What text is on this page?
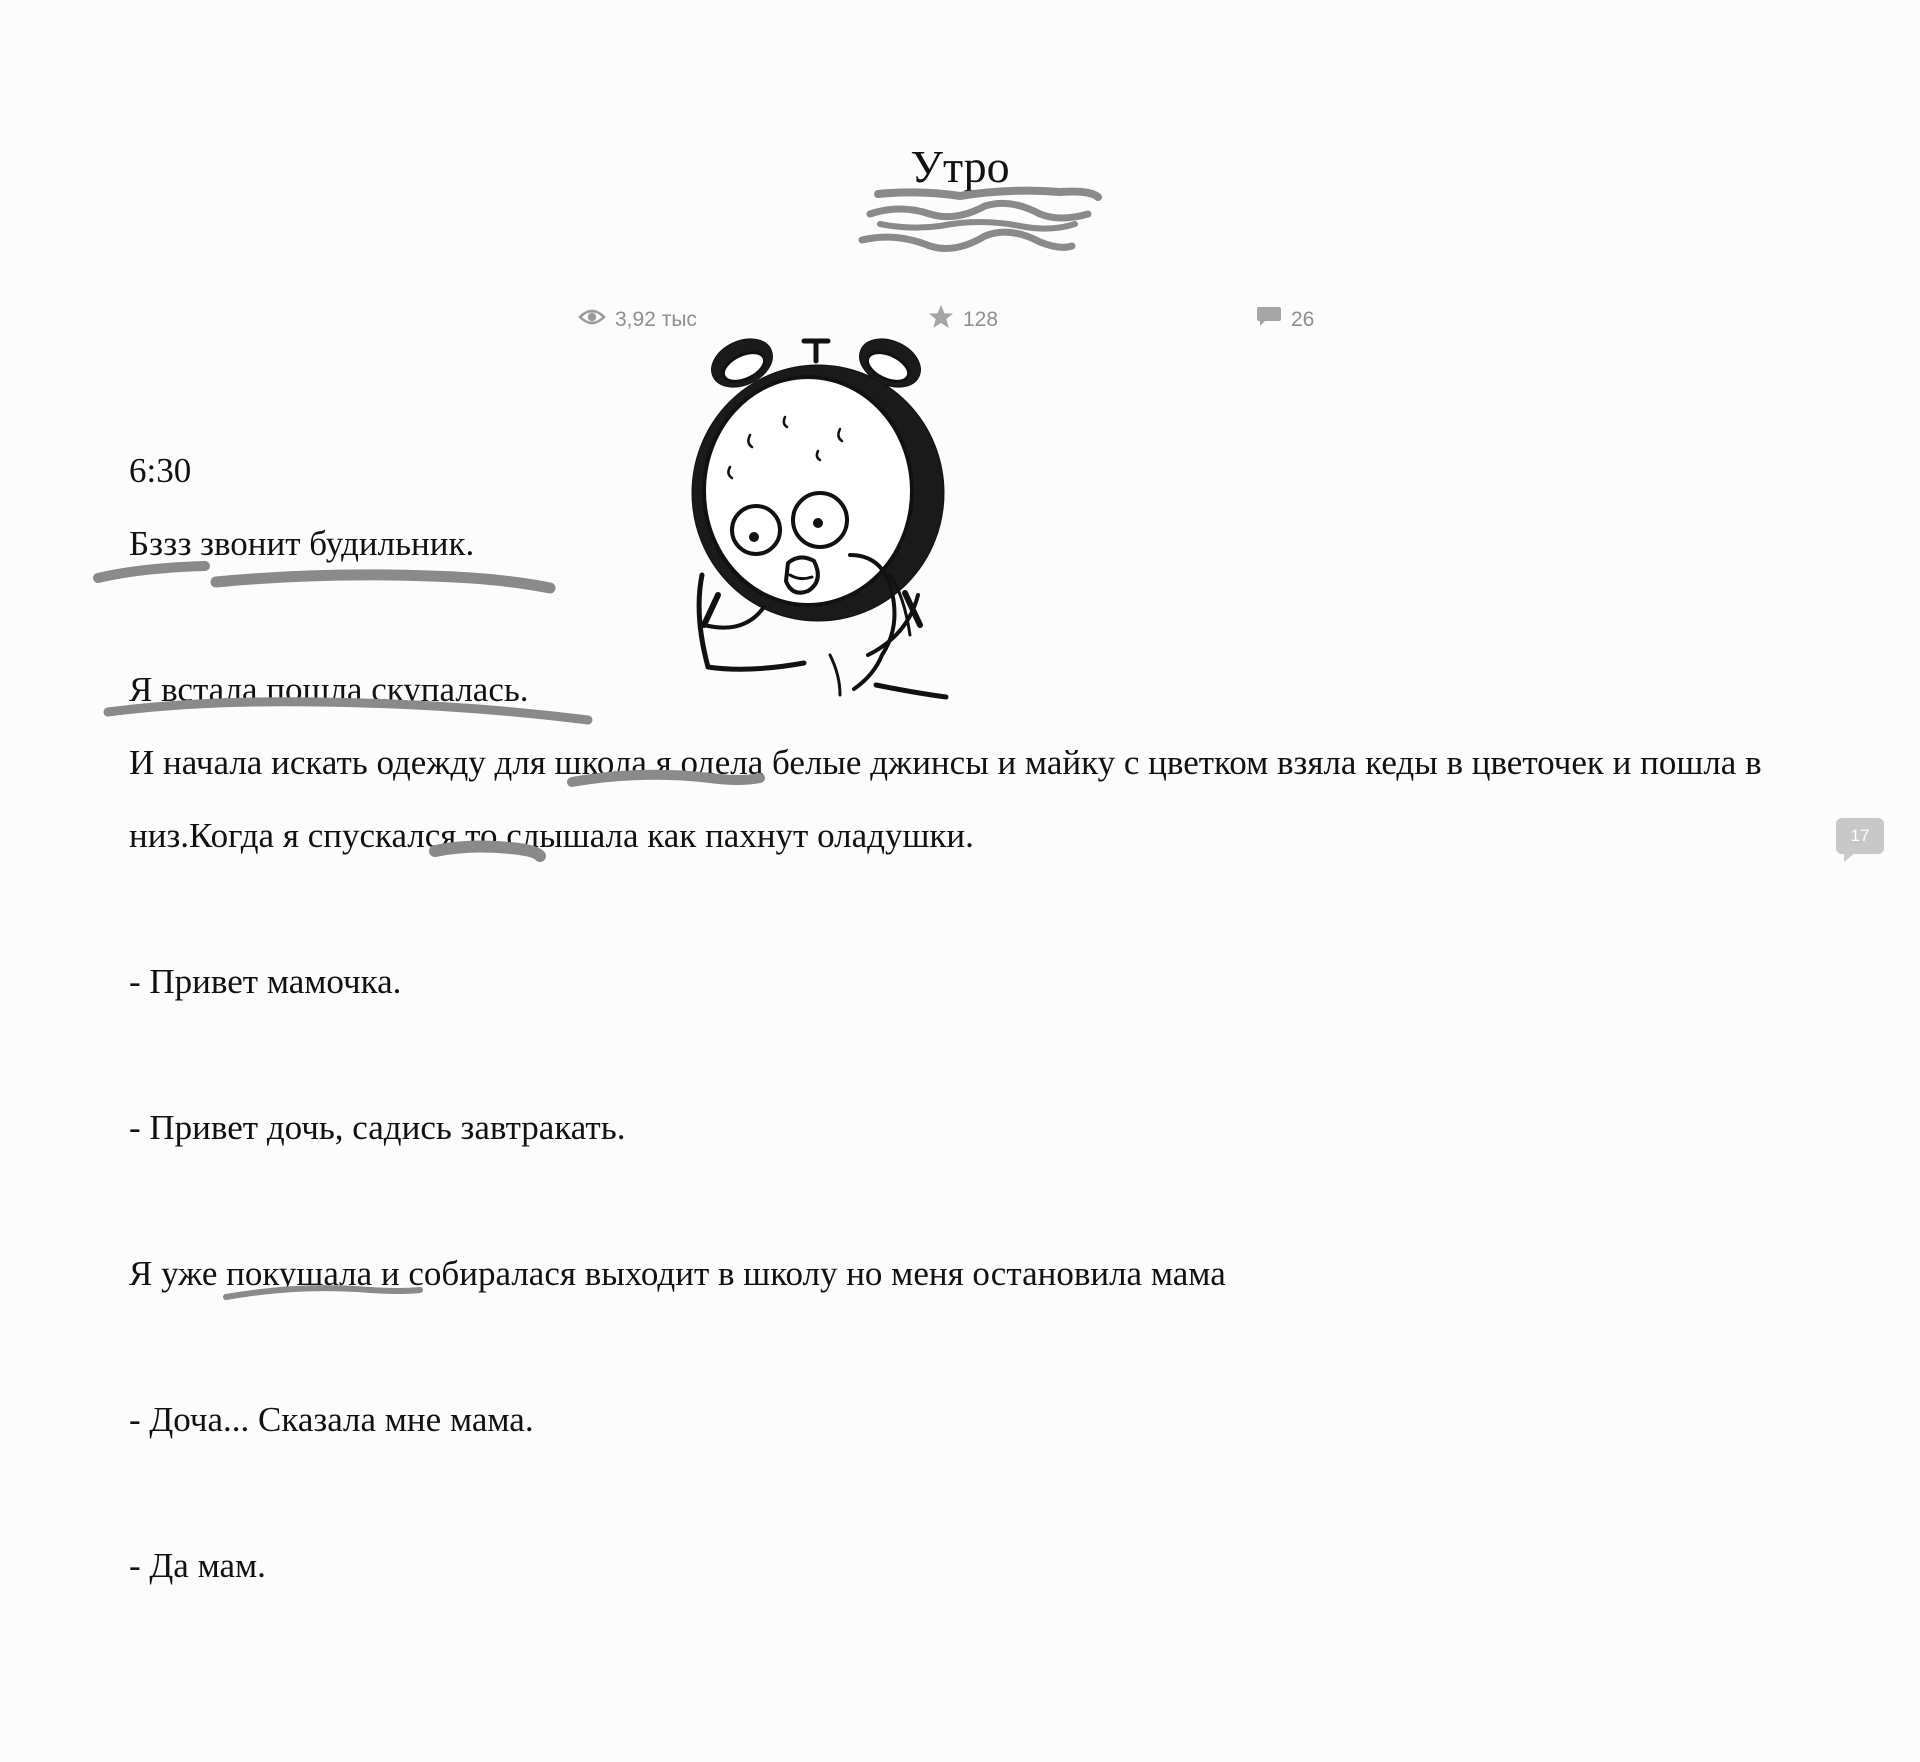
Утро
3,92 тыс	128	26

6:30

Бззз звонит будильник.

Я встала пошла скупалась.

И начала искать одежду для школа я одела белые джинсы и майку с цветком взяла кеды в цветочек и пошла в низ.Когда я спускался то слышала как пахнут оладушки.

- Привет мамочка.

- Привет дочь, садись завтракать.

Я уже покушала и собиралася выходит в школу но меня остановила мама

- Доча... Сказала мне мама.

- Да мам.

17
